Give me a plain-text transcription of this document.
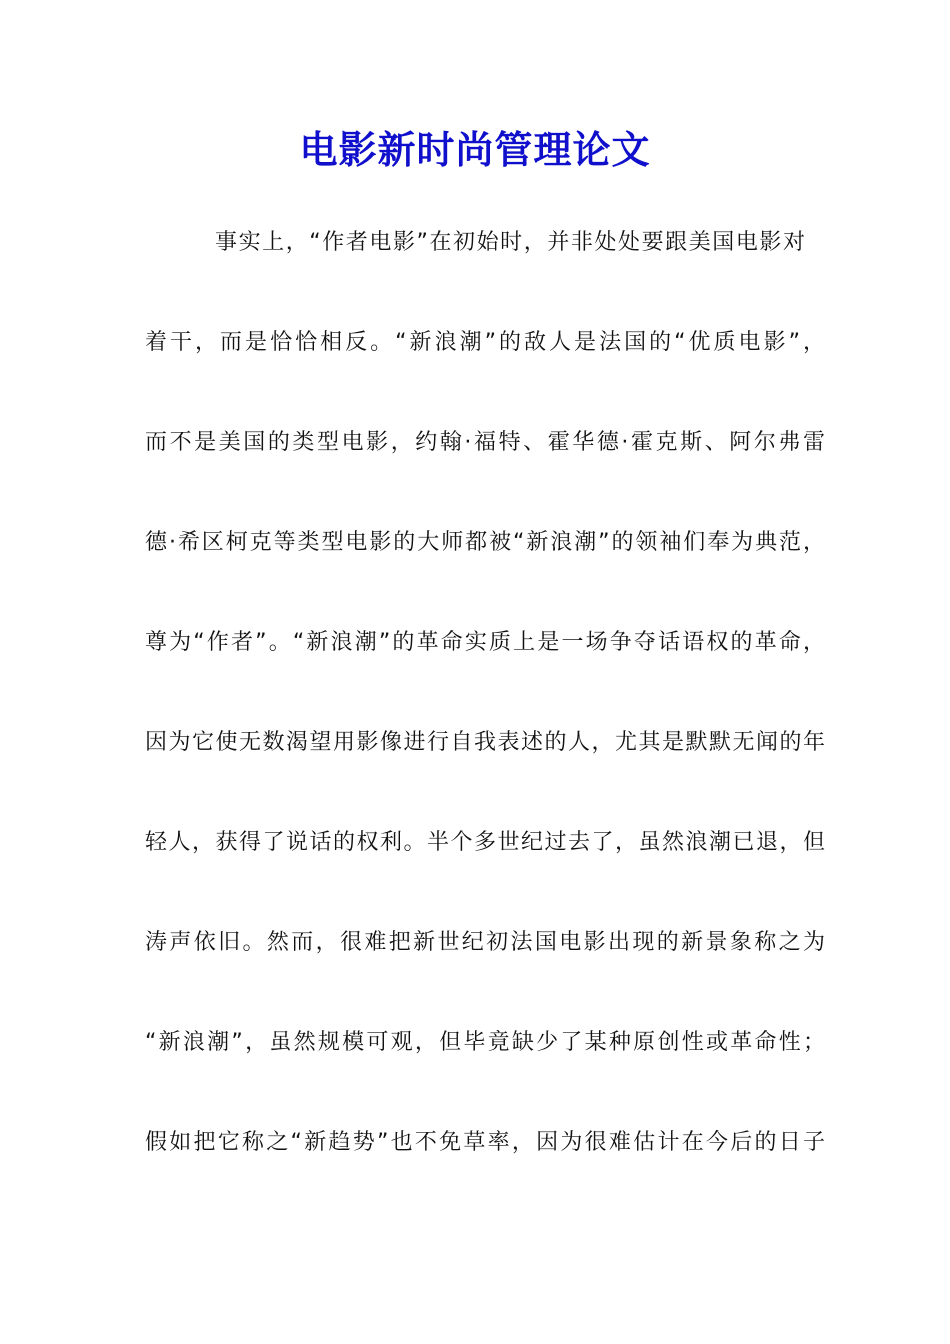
电影新时尚管理论文
事实上，“作者电影”在初始时，并非处处要跟美国电影对
着干，而是恰恰相反。“新浪潮”的敌人是法国的“优质电影”，
而不是美国的类型电影，约翰·福特、霍华德·霍克斯、阿尔弗雷
德·希区柯克等类型电影的大师都被“新浪潮”的领袖们奉为典范，
尊为“作者”。“新浪潮”的革命实质上是一场争夺话语权的革命，
因为它使无数渴望用影像进行自我表述的人，尤其是默默无闻的年
轻人，获得了说话的权利。半个多世纪过去了，虽然浪潮已退，但
涛声依旧。然而，很难把新世纪初法国电影出现的新景象称之为
“新浪潮”，虽然规模可观，但毕竟缺少了某种原创性或革命性；
假如把它称之“新趋势”也不免草率，因为很难估计在今后的日子
